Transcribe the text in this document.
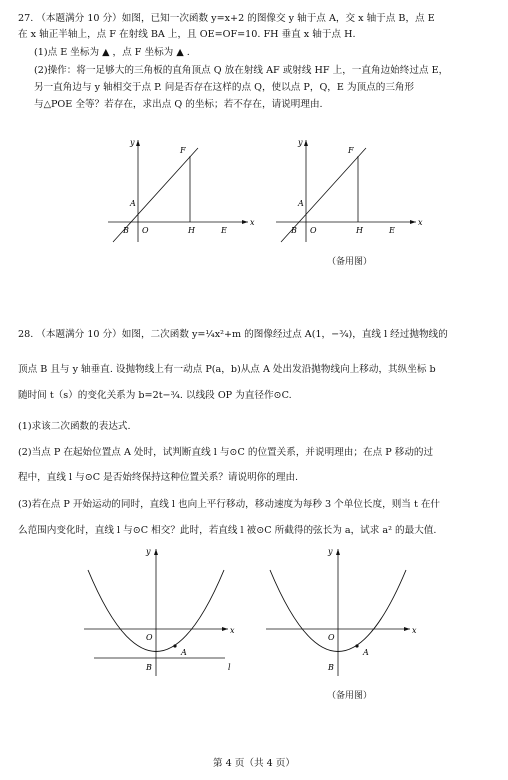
27. （本题满分 10 分）如图，已知一次函数 y=x+2 的图像交 y 轴于点 A，交 x 轴于点 B，点 E
在 x 轴正半轴上，点 F 在射线 BA 上，且 OE=OF=10. FH 垂直 x 轴于点 H.
(1)点 E 坐标为 ▲ ，点 F 坐标为 ▲ .
(2)操作：将一足够大的三角板的直角顶点 Q 放在射线 AF 或射线 HF 上，一直角边始终过点 E，
另一直角边与 y 轴相交于点 P. 问是否存在这样的点 Q，使以点 P，Q，E 为顶点的三角形
与△POE 全等？若存在，求出点 Q 的坐标；若不存在，请说明理由.
y
x
F
A
B O	H	E
y
x
F
A
B O	H	E
（备用图）
28. （本题满分 10 分）如图，二次函数 y=¼x²+m 的图像经过点 A(1，−¾)，直线 l 经过抛物线的
顶点 B 且与 y 轴垂直. 设抛物线上有一动点 P(a，b)从点 A 处出发沿抛物线向上移动，其纵坐标 b
随时间 t（s）的变化关系为 b=2t−¾. 以线段 OP 为直径作⊙C.
(1)求该二次函数的表达式.
(2)当点 P 在起始位置点 A 处时，试判断直线 l 与⊙C 的位置关系，并说明理由；在点 P 移动的过
程中，直线 l 与⊙C 是否始终保持这种位置关系？请说明你的理由.
(3)若在点 P 开始运动的同时，直线 l 也向上平行移动，移动速度为每秒 3 个单位长度，则当 t 在什
么范围内变化时，直线 l 与⊙C 相交？此时，若直线 l 被⊙C 所截得的弦长为 a，试求 a² 的最大值.
y
x
O
A
B	l
y
x
O
A
B
（备用图）
第 4 页（共 4 页）
